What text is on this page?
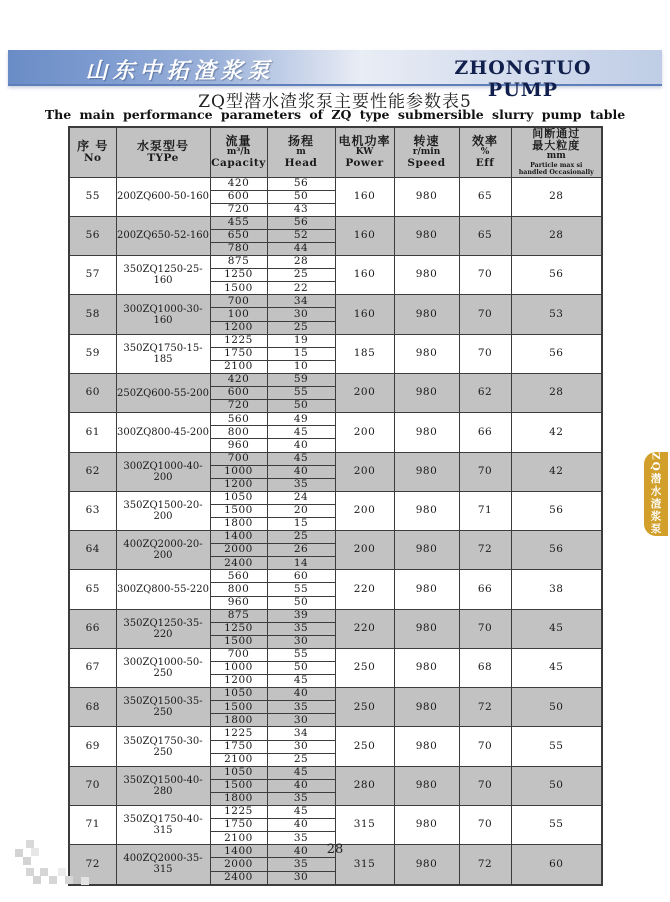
山东中拓渣浆泵	ZHONGTUO PUMP
ZQ型潜水渣浆泵主要性能参数表5
The main performance parameters of ZQ type submersible slurry pump table
序 号
No

水泵型号
TYPe

流量
m³/h
Capacity

扬程
m
Head

电机功率
KW
Power

转速
r/min
Speed

效率
%
Eff

间断通过
最大粒度
mm
Particle max si
handled Occasionally

55	200ZQ600-50-160	420	56	160	980	65	28
		600	50				
		720	43				
56	200ZQ650-52-160	455	56	160	980	65	28
		650	52				
		780	44				
57	350ZQ1250-25-160	875	28	160	980	70	56
		1250	25				
		1500	22				
58	300ZQ1000-30-160	700	34	160	980	70	53
		100	30				
		1200	25				
59	350ZQ1750-15-185	1225	19	185	980	70	56
		1750	15				
		2100	10				
60	250ZQ600-55-200	420	59	200	980	62	28
		600	55				
		720	50				
61	300ZQ800-45-200	560	49	200	980	66	42
		800	45				
		960	40				
62	300ZQ1000-40-200	700	45	200	980	70	42
		1000	40				
		1200	35				
63	350ZQ1500-20-200	1050	24	200	980	71	56
		1500	20				
		1800	15				
64	400ZQ2000-20-200	1400	25	200	980	72	56
		2000	26				
		2400	14				
65	300ZQ800-55-220	560	60	220	980	66	38
		800	55				
		960	50				
66	350ZQ1250-35-220	875	39	220	980	70	45
		1250	35				
		1500	30				
67	300ZQ1000-50-250	700	55	250	980	68	45
		1000	50				
		1200	45				
68	350ZQ1500-35-250	1050	40	250	980	72	50
		1500	35				
		1800	30				
69	350ZQ1750-30-250	1225	34	250	980	70	55
		1750	30				
		2100	25				
70	350ZQ1500-40-280	1050	45	280	980	70	50
		1500	40				
		1800	35				
71	350ZQ1750-40-315	1225	45	315	980	70	55
		1750	40				
		2100	35				
72	400ZQ2000-35-315	1400	40	315	980	72	60
		2000	35				
		2400	30				
ZQ潜水渣浆泵
28
